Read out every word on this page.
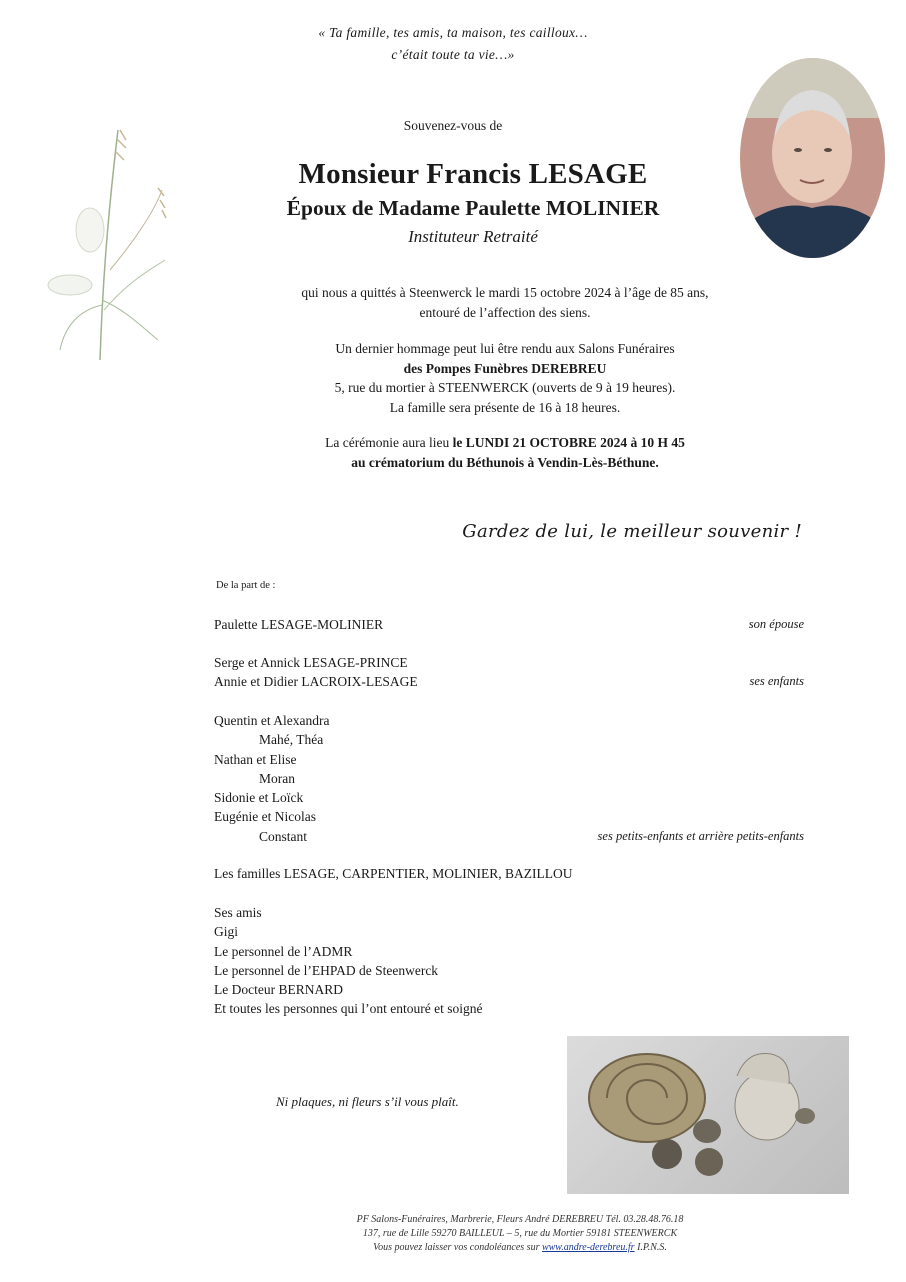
« Ta famille, tes amis, ta maison, tes cailloux…
c’était toute ta vie…»
Souvenez-vous de
Monsieur Francis LESAGE
Époux de Madame Paulette MOLINIER
Instituteur Retraité
qui nous a quittés à Steenwerck le mardi 15 octobre 2024 à l’âge de 85 ans,
entouré de l’affection des siens.
Un dernier hommage peut lui être rendu aux Salons Funéraires
des Pompes Funèbres DEREBREU
5, rue du mortier à STEENWERCK (ouverts de 9 à 19 heures).
La famille sera présente de 16 à 18 heures.
La cérémonie aura lieu le LUNDI 21 OCTOBRE 2024 à 10 H 45
au crématorium du Béthunois à Vendin-Lès-Béthune.
Gardez de lui, le meilleur souvenir !
De la part de :
Paulette LESAGE-MOLINIER	son épouse
Serge et Annick LESAGE-PRINCE
Annie et Didier LACROIX-LESAGE	ses enfants
Quentin et Alexandra
Mahé, Théa
Nathan et Elise
Moran
Sidonie et Loïck
Eugénie et Nicolas
Constant	ses petits-enfants et arrière petits-enfants
Les familles LESAGE, CARPENTIER, MOLINIER, BAZILLOU
Ses amis
Gigi
Le personnel de l’ADMR
Le personnel de l’EHPAD de Steenwerck
Le Docteur BERNARD
Et toutes les personnes qui l’ont entouré et soigné
Ni plaques, ni fleurs s’il vous plaît.
PF Salons-Funéraires, Marbrerie, Fleurs André DEREBREU Tél. 03.28.48.76.18
137, rue de Lille 59270 BAILLEUL – 5, rue du Mortier 59181 STEENWERCK
Vous pouvez laisser vos condoléances sur www.andre-derebreu.fr I.P.N.S.
